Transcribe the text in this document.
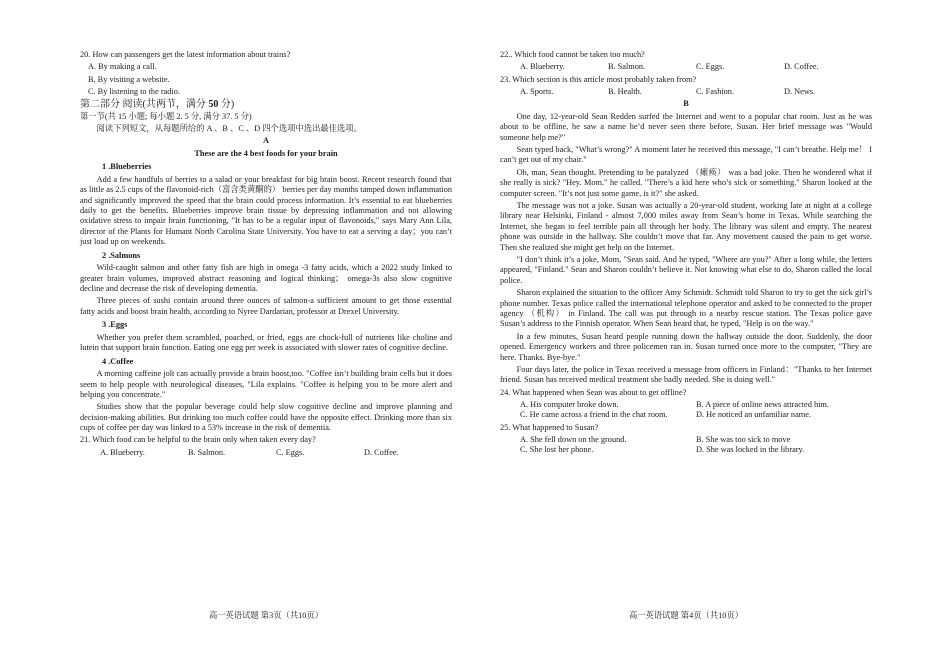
20. How can passengers get the latest information about trains?

A. By making a call.
B. By visiting a website.
C. By listening to the radio.
第二部分 阅读(共两节，满分 50 分)

第一节(共 15 小题; 每小题 2. 5 分, 满分 37. 5 分)

阅读下列短文，从每题所给的 A 、B 、C 、D 四个选项中选出最佳选项。

A
These are the 4 best foods for your brain
1 .Blueberries

Add a few handfuls of berries to a salad or your breakfast for big brain boost. Recent research found that as little as 2.5 cups of the flavonoid-rich（富含类黄酮的） berries per day months tamped down inflammation and significantly improved the speed that the brain could process information. It’s essential to eat blueberries daily to get the benefits. Blueberries improve brain tissue by depressing inflammation and not allowing oxidative stress to impair brain functioning, "It has to be a regular input of flavonoids," says Mary Ann Lila, director of the Plants for Humant North Carolina State University. You have to eat a serving a day；you can’t just load up on weekends.

2 .Salmons

Wild-caught salmon and other fatty fish are high in omega -3 fatty acids, which a 2022 study linked to greater brain volumes, improved abstract reasoning and logical thinking； omega-3s also slow cognitive decline and decrease the risk of developing dementia.

Three pieces of sushi contain around three ounces of salmon-a sufficient amount to get those essential fatty acids and boost brain health, according to Nyree Dardarian, professor at Drexel University.

3 .Eggs

Whether you prefer them scrambled, poached, or fried, eggs are chock-full of nutrients like choline and lutein that support brain function. Eating one egg per week is associated with slower rates of cognitive decline.

4 .Coffee

A morning caffeine jolt can actually provide a brain boost,too. "Coffee isn’t building brain cells but it does seem to help people with neurological diseases, "Lila explains. "Coffee is helping you to be more alert and helping you concentrate."

Studies show that the popular beverage could help slow cognitive decline and improve planning and decision-making abilities. But drinking too much coffee could have the opposite effect. Drinking more than six cups of coffee per day was linked to a 53% increase in the risk of dementia.

21. Which food can be helpful to the brain only when taken every day?

A. Blueberry.	B. Salmon.	C. Eggs.	D. Coffee.
高一英语试题 第3页（共10页）

22.. Which food cannot be taken too much?

A. Blueberry.	B. Salmon.	C. Eggs.	D. Coffee.

23. Which section is this article most probably taken from?

A. Sports.	B. Health.	C. Fashion.	D. News.
B

One day, 12-year-old Sean Redden surfed the Internet and went to a popular chat room. Just as he was about to be offline, he saw a name he’d never seen there before, Susan. Her brief message was "Would someone help me?"

Sean typed back, "What’s wrong?" A moment later he received this message, "I can’t breathe. Help me！ I can’t get out of my chair."

Oh, man, Sean thought. Pretending to be paralyzed （瘫痪） was a bad joke. Then he wondered what if she really is sick? "Hey. Mom." he called. "There’s a kid here who’s sick or something." Sharon looked at the computer screen. "It’s not just some game, is it?" she asked.

The message was not a joke. Susan was actually a 20-year-old student, working late at night at a college library near Helsinki, Finland - almost 7,000 miles away from Sean’s home in Texas. While searching the Internet, she began to feel terrible pain all through her body. The library was silent and empty. The nearest phone was outside in the hallway. She couldn’t move that far. Any movement caused the pain to get worse. Then she realized she might get help on the Internet.

"I don’t think it’s a joke, Mom, "Sean said. And he typed, "Where are you?" After a long while, the letters appeared, "Finland." Sean and Sharon couldn’t believe it. Not knowing what else to do, Sharon called the local police.

Sharon explained the situation to the officer Amy Schmidt. Schmidt told Sharon to try to get the sick girl’s phone number. Texas police called the international telephone operator and asked to be connected to the proper agency （机构） in Finland. The call was put through to a nearby rescue station. The Texas police gave Susan’s address to the Finnish operator. When Sean heard that, he typed, "Help is on the way."

In a few minutes, Susan heard people running down the hallway outside the door. Suddenly, the door opened. Emergency workers and three policemen ran in. Susan turned once more to the computer, "They are here. Thanks. Bye-bye."

Four days later, the police in Texas received a message from officers in Finland："Thanks to her Internet friend. Susan has received medical treatment she badly needed. She is doing well."

24. What happened when Sean was about to get offline?

A. His computer broke down.	B. A piece of online news attracted him.
C. He came across a friend in the chat room.	D. He noticed an unfamiliar name.

25. What happened to Susan?

A. She fell down on the ground.	B. She was too sick to move
C. She lost her phone.	D. She was locked in the library.
高一英语试题 第4页（共10页）
